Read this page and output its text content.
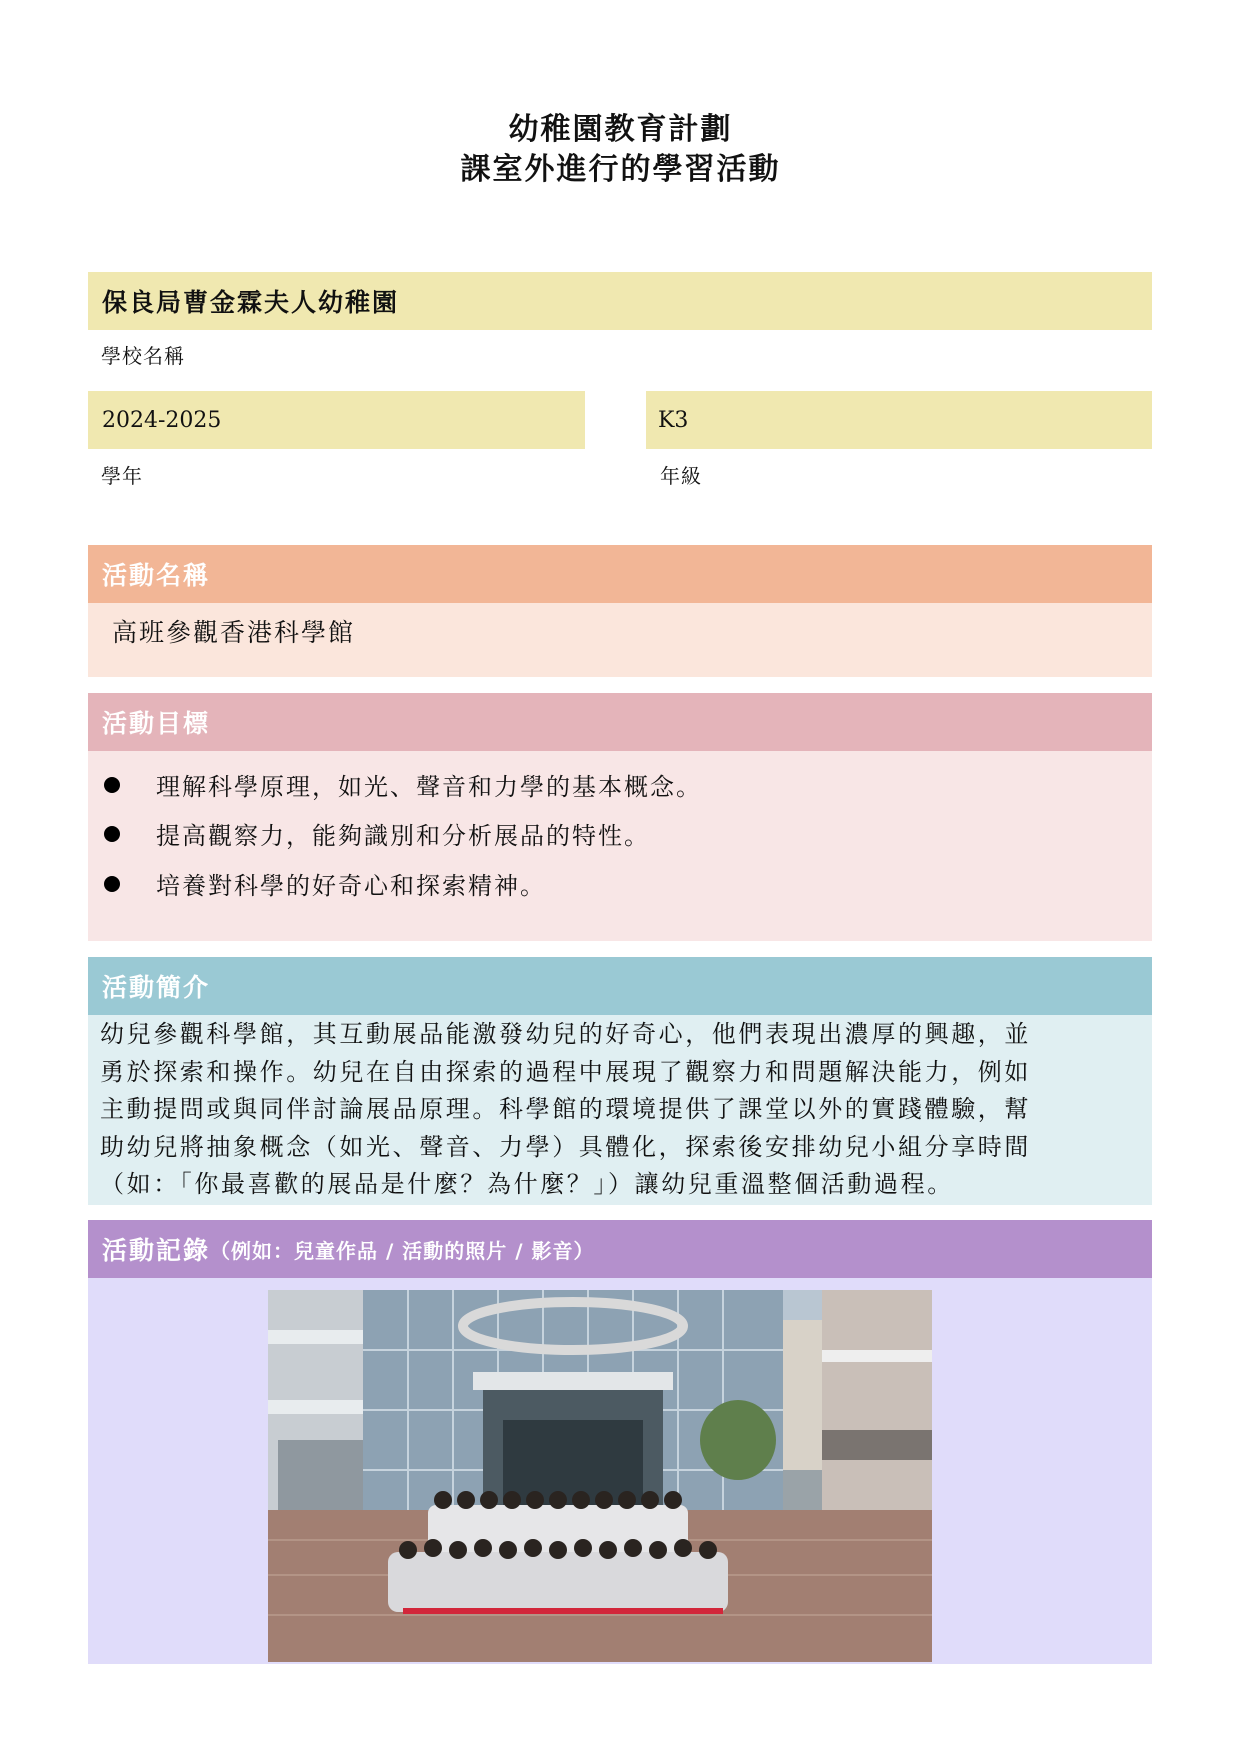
幼稚園教育計劃
課室外進行的學習活動
保良局曹金霖夫人幼稚園
學校名稱
2024-2025	K3
學年	年級
活動名稱
高班參觀香港科學館
活動目標
理解科學原理，如光、聲音和力學的基本概念。
提高觀察力，能夠識別和分析展品的特性。
培養對科學的好奇心和探索精神。
活動簡介
幼兒參觀科學館，其互動展品能激發幼兒的好奇心，他們表現出濃厚的興趣，並
勇於探索和操作。幼兒在自由探索的過程中展現了觀察力和問題解決能力，例如
主動提問或與同伴討論展品原理。科學館的環境提供了課堂以外的實踐體驗，幫
助幼兒將抽象概念（如光、聲音、力學）具體化，探索後安排幼兒小組分享時間
（如：「你最喜歡的展品是什麼？為什麼？」）讓幼兒重溫整個活動過程。
活動記錄 （例如：兒童作品 / 活動的照片 / 影音）
